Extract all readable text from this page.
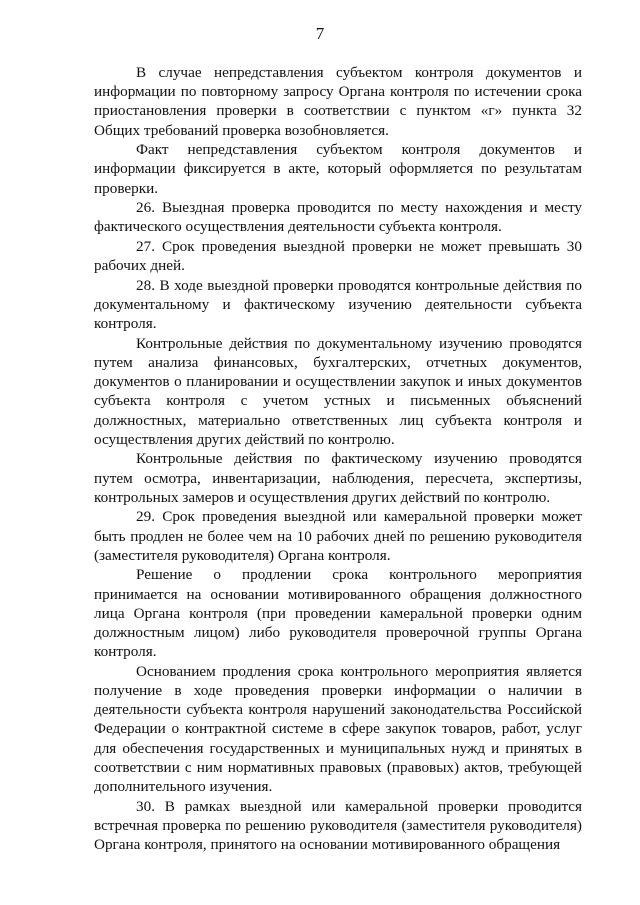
7

В случае непредставления субъектом контроля документов и информации по повторному запросу Органа контроля по истечении срока приостановления проверки в соответствии с пунктом «г» пункта 32 Общих требований проверка возобновляется.

Факт непредставления субъектом контроля документов и информации фиксируется в акте, который оформляется по результатам проверки.

26. Выездная проверка проводится по месту нахождения и месту фактического осуществления деятельности субъекта контроля.

27. Срок проведения выездной проверки не может превышать 30 рабочих дней.

28. В ходе выездной проверки проводятся контрольные действия по документальному и фактическому изучению деятельности субъекта контроля.

Контрольные действия по документальному изучению проводятся путем анализа финансовых, бухгалтерских, отчетных документов, документов о планировании и осуществлении закупок и иных документов субъекта контроля с учетом устных и письменных объяснений должностных, материально ответственных лиц субъекта контроля и осуществления других действий по контролю.

Контрольные действия по фактическому изучению проводятся путем осмотра, инвентаризации, наблюдения, пересчета, экспертизы, контрольных замеров и осуществления других действий по контролю.

29. Срок проведения выездной или камеральной проверки может быть продлен не более чем на 10 рабочих дней по решению руководителя (заместителя руководителя) Органа контроля.

Решение о продлении срока контрольного мероприятия принимается на основании мотивированного обращения должностного лица Органа контроля (при проведении камеральной проверки одним должностным лицом) либо руководителя проверочной группы Органа контроля.

Основанием продления срока контрольного мероприятия является получение в ходе проведения проверки информации о наличии в деятельности субъекта контроля нарушений законодательства Российской Федерации о контрактной системе в сфере закупок товаров, работ, услуг для обеспечения государственных и муниципальных нужд и принятых в соответствии с ним нормативных правовых (правовых) актов, требующей дополнительного изучения.

30. В рамках выездной или камеральной проверки проводится встречная проверка по решению руководителя (заместителя руководителя) Органа контроля, принятого на основании мотивированного обращения
